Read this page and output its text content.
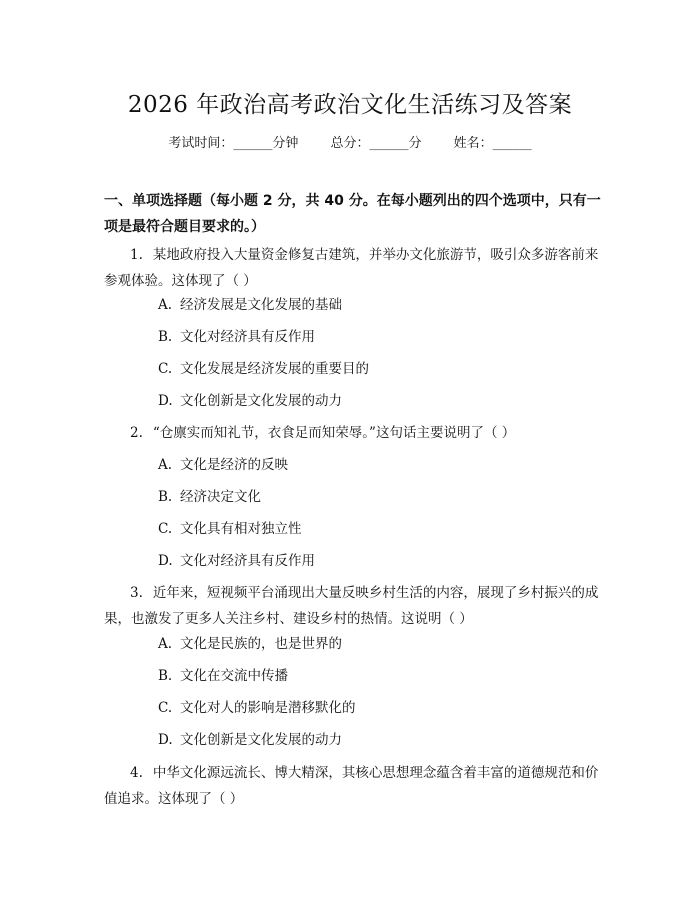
2026 年政治高考政治文化生活练习及答案
考试时间：______分钟 总分：______分 姓名：______
一、单项选择题（每小题 2 分，共 40 分。在每小题列出的四个选项中，只有一项是最符合题目要求的。）
1. 某地政府投入大量资金修复古建筑，并举办文化旅游节，吸引众多游客前来参观体验。这体现了（ ）
A. 经济发展是文化发展的基础
B. 文化对经济具有反作用
C. 文化发展是经济发展的重要目的
D. 文化创新是文化发展的动力
2. “仓廪实而知礼节，衣食足而知荣辱。”这句话主要说明了（ ）
A. 文化是经济的反映
B. 经济决定文化
C. 文化具有相对独立性
D. 文化对经济具有反作用
3. 近年来，短视频平台涌现出大量反映乡村生活的内容，展现了乡村振兴的成果，也激发了更多人关注乡村、建设乡村的热情。这说明（ ）
A. 文化是民族的，也是世界的
B. 文化在交流中传播
C. 文化对人的影响是潜移默化的
D. 文化创新是文化发展的动力
4. 中华文化源远流长、博大精深，其核心思想理念蕴含着丰富的道德规范和价值追求。这体现了（ ）
